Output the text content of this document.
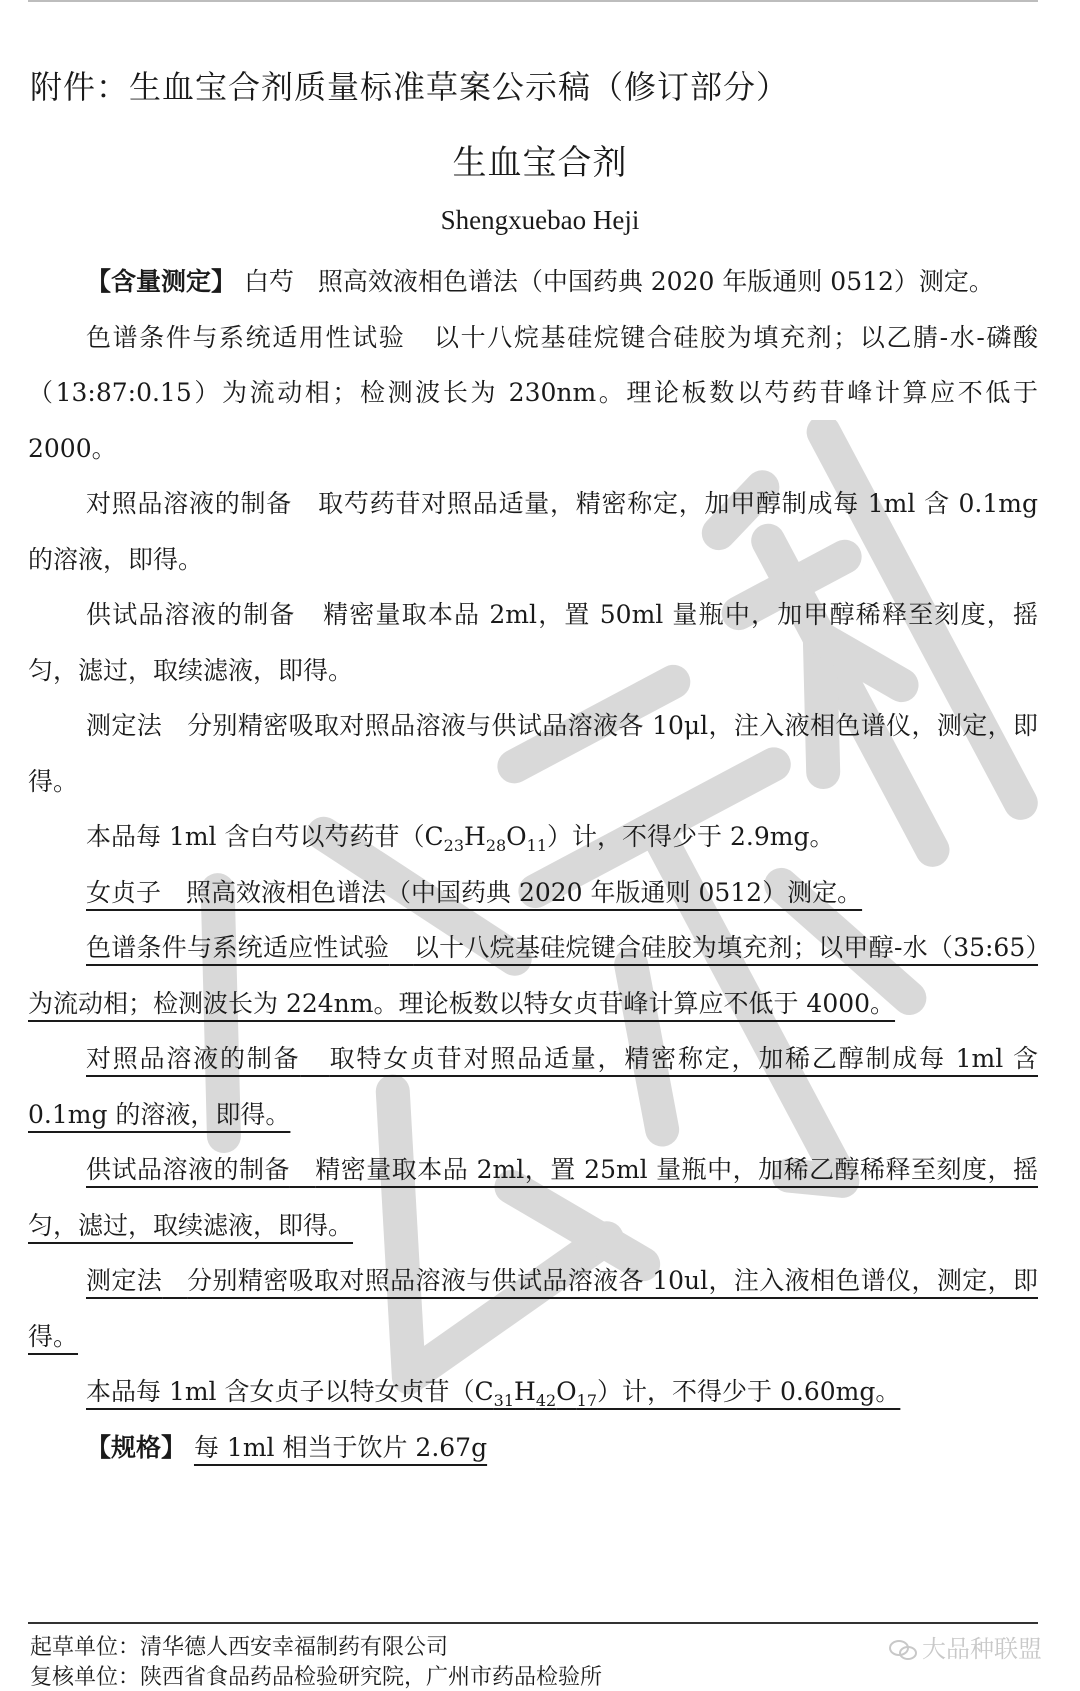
附件：生血宝合剂质量标准草案公示稿（修订部分）
生血宝合剂
Shengxuebao Heji

【含量测定】 白芍 照高效液相色谱法（中国药典 2020 年版通则 0512）测定。

色谱条件与系统适用性试验 以十八烷基硅烷键合硅胶为填充剂；以乙腈-水-磷酸（13:87:0.15）为流动相；检测波长为 230nm。理论板数以芍药苷峰计算应不低于 2000。

对照品溶液的制备 取芍药苷对照品适量，精密称定，加甲醇制成每 1ml 含 0.1mg 的溶液，即得。

供试品溶液的制备 精密量取本品 2ml，置 50ml 量瓶中，加甲醇稀释至刻度，摇匀，滤过，取续滤液，即得。

测定法 分别精密吸取对照品溶液与供试品溶液各 10μl，注入液相色谱仪，测定，即得。

本品每 1ml 含白芍以芍药苷$(C_{23}H_{28}O_{11})$计，不得少于 2.9mg。

女贞子　照高效液相色谱法（中国药典 2020 年版通则 0512）测定。

色谱条件与系统适应性试验 以十八烷基硅烷键合硅胶为填充剂；以甲醇-水（35:65）为流动相；检测波长为 224nm。理论板数以特女贞苷峰计算应不低于 4000。

对照品溶液的制备 取特女贞苷对照品适量，精密称定，加稀乙醇制成每 1ml 含 0.1mg 的溶液，即得。

供试品溶液的制备 精密量取本品 2ml，置 25ml 量瓶中，加稀乙醇稀释至刻度，摇匀，滤过，取续滤液，即得。

测定法 分别精密吸取对照品溶液与供试品溶液各 10ul，注入液相色谱仪，测定，即得。

本品每 1ml 含女贞子以特女贞苷$(C_{31}H_{42}O_{17})$计，不得少于 0.60mg。

【规格】 每 1ml 相当于饮片 2.67g

起草单位：清华德人西安幸福制药有限公司
复核单位：陕西省食品药品检验研究院，广州市药品检验所
大品种联盟
